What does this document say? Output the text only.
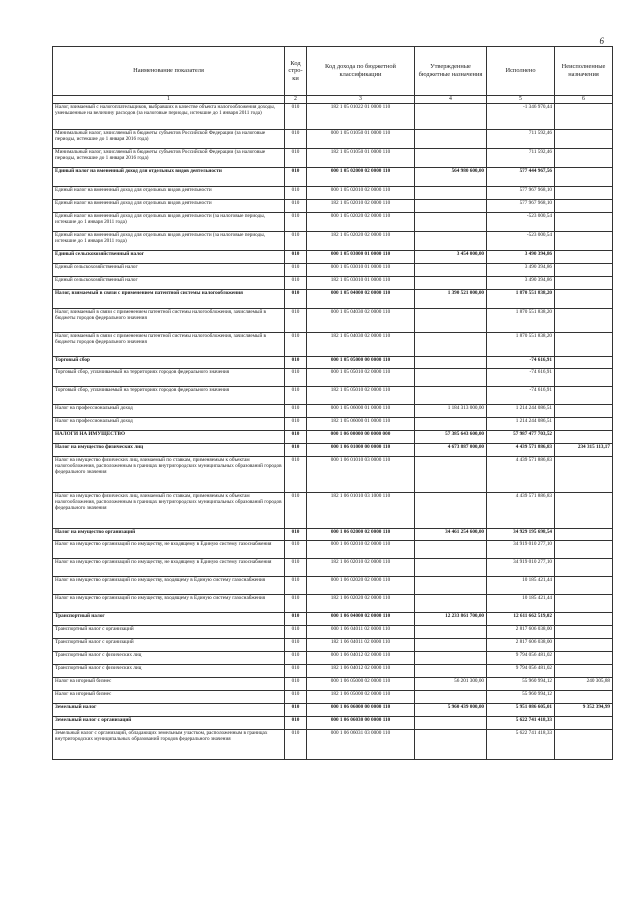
6
Наименование показателя	Код стро-ки	Код дохода по бюджетной классификации	Утвержденные бюджетные назначения	Исполнено	Неисполненные назначения
1	2	3	4	5	6
Налог, взимаемый с налогоплательщиков, выбравших в качестве объекта налогообложения доходы, уменьшенные на величину расходов (за налоговые периоды, истекшие до 1 января 2011 года)	010	182 1 05 01022 01 0000 110		-1 346 970,44	
Минимальный налог, зачисляемый в бюджеты субъектов Российской Федерации (за налоговые периоды, истекшие до 1 января 2016 года)	010	000 1 05 01050 01 0000 110		711 592,46	
Минимальный налог, зачисляемый в бюджеты субъектов Российской Федерации (за налоговые периоды, истекшие до 1 января 2016 года)	010	182 1 05 01050 01 0000 110		711 592,46	
Единый налог на вмененный доход для отдельных видов деятельности	010	000 1 05 02000 02 0000 110	564 980 600,00	577 444 967,56	
Единый налог на вмененный доход для отдельных видов деятельности	010	000 1 05 02010 02 0000 110		577 967 968,10	
Единый налог на вмененный доход для отдельных видов деятельности	010	182 1 05 02010 02 0000 110		577 967 968,10	
Единый налог на вмененный доход для отдельных видов деятельности (за налоговые периоды, истекшие до 1 января 2011 года)	010	000 1 05 02020 02 0000 110		-523 000,54	
Единый налог на вмененный доход для отдельных видов деятельности (за налоговые периоды, истекшие до 1 января 2011 года)	010	182 1 05 02020 02 0000 110		-523 000,54	
Единый сельскохозяйственный налог	010	000 1 05 03000 01 0000 110	3 454 000,00	3 490 394,86	
Единый сельскохозяйственный налог	010	000 1 05 03010 01 0000 110		3 490 394,86	
Единый сельскохозяйственный налог	010	182 1 05 03010 01 0000 110		3 490 394,86	
Налог, взимаемый в связи с применением патентной системы налогообложения	010	000 1 05 04000 02 0000 110	1 390 521 000,00	1 870 551 838,20	
Налог, взимаемый в связи с применением патентной системы налогообложения, зачисляемый в бюджеты городов федерального значения	010	000 1 05 04030 02 0000 110		1 870 551 838,20	
Налог, взимаемый в связи с применением патентной системы налогообложения, зачисляемый в бюджеты городов федерального значения	010	182 1 05 04030 02 0000 110		1 870 551 838,20	
Торговый сбор	010	000 1 05 05000 00 0000 110		-74 616,91	
Торговый сбор, уплачиваемый на территориях городов федерального значения	010	000 1 05 05010 02 0000 110		-74 616,91	
Торговый сбор, уплачиваемый на территориях городов федерального значения	010	182 1 05 05010 02 0000 110		-74 616,91	
Налог на профессиональный доход	010	000 1 05 06000 01 0000 110	1 184 313 000,00	1 214 244 086,51	
Налог на профессиональный доход	010	182 1 05 06000 01 0000 110		1 214 244 086,51	
НАЛОГИ НА ИМУЩЕСТВО	010	000 1 06 00000 00 0000 000	57 385 643 600,00	57 987 477 703,52	
Налог на имущество физических лиц	010	000 1 06 01000 00 0000 110	4 673 887 000,00	4 439 571 886,83	234 315 113,17
Налог на имущество физических лиц, взимаемый по ставкам, применяемым к объектам налогообложения, расположенным в границах внутригородских муниципальных образований городов федерального значения	010	000 1 06 01010 03 0000 110		4 439 571 886,83	
Налог на имущество физических лиц, взимаемый по ставкам, применяемым к объектам налогообложения, расположенным в границах внутригородских муниципальных образований городов федерального значения	010	182 1 06 01010 03 1000 110		4 439 571 886,83	
Налог на имущество организаций	010	000 1 06 02000 02 0000 110	34 461 254 600,00	34 929 195 698,54	
Налог на имущество организаций по имуществу, не входящему в Единую систему газоснабжения	010	000 1 06 02010 02 0000 110		34 919 010 277,10	
Налог на имущество организаций по имуществу, не входящему в Единую систему газоснабжения	010	182 1 06 02010 02 0000 110		34 919 010 277,10	
Налог на имущество организаций по имуществу, входящему в Единую систему газоснабжения	010	000 1 06 02020 02 0000 110		10 185 421,44	
Налог на имущество организаций по имуществу, входящему в Единую систему газоснабжения	010	182 1 06 02020 02 0000 110		10 185 421,44	
Транспортный налог	010	000 1 06 04000 02 0000 110	12 233 861 700,00	12 611 662 519,02	
Транспортный налог с организаций	010	000 1 06 04011 02 0000 110		2 817 606 038,00	
Транспортный налог с организаций	010	182 1 06 04011 02 0000 110		2 817 606 038,00	
Транспортный налог с физических лиц	010	000 1 06 04012 02 0000 110		9 794 056 481,02	
Транспортный налог с физических лиц	010	182 1 06 04012 02 0000 110		9 794 056 481,02	
Налог на игорный бизнес	010	000 1 06 05000 02 0000 110	56 201 300,00	55 960 994,12	240 305,88
Налог на игорный бизнес	010	182 1 06 05000 02 0000 110		55 960 994,12	
Земельный налог	010	000 1 06 06000 00 0000 110	5 960 439 000,00	5 951 086 605,01	9 352 394,99
Земельный налог с организаций	010	000 1 06 06030 00 0000 110		5 622 741 418,33	
Земельный налог с организаций, обладающих земельным участком, расположенным в границах внутригородских муниципальных образований городов федерального значения	010	000 1 06 06031 03 0000 110		5 622 741 418,33	
